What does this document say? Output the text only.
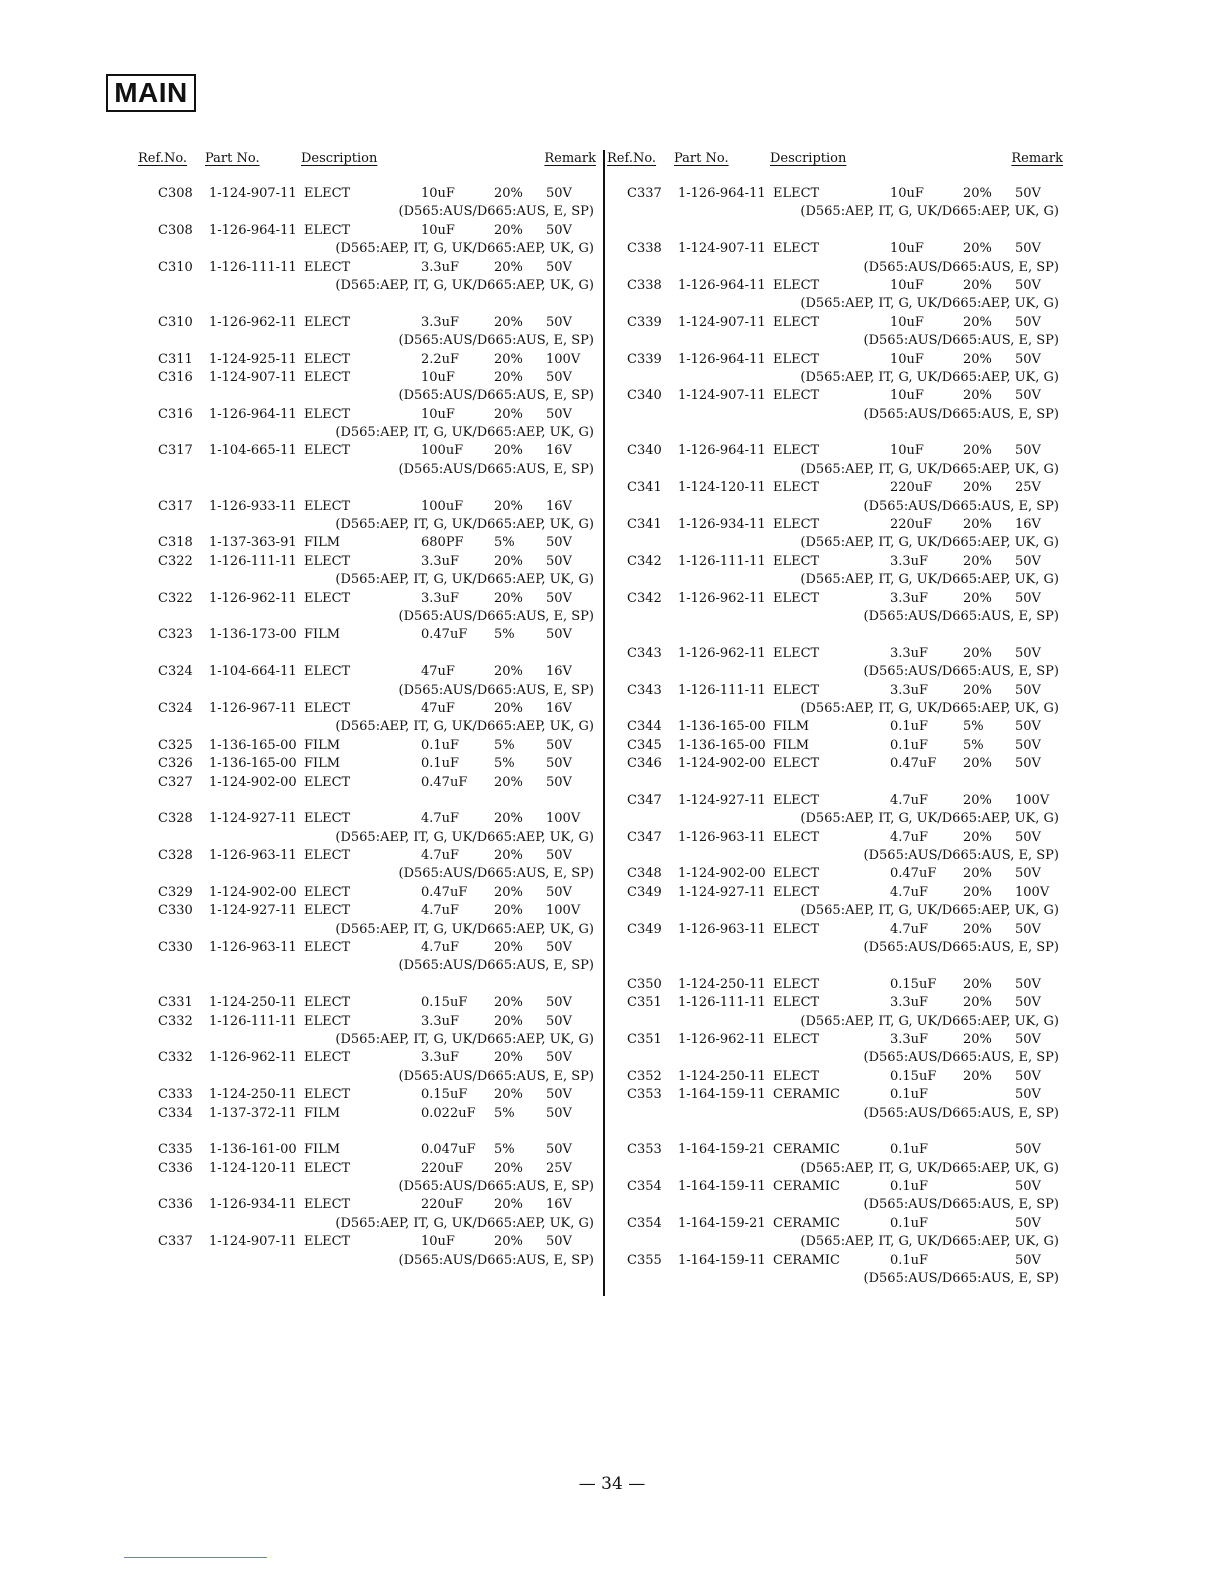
MAIN
Ref.No. Part No.	Description	Remark
C308 1-124-907-11 ELECT	10uF	20% 50V
(D565:AUS/D665:AUS, E, SP)
C308 1-126-964-11 ELECT	10uF	20% 50V
(D565:AEP, IT, G, UK/D665:AEP, UK, G)
C310 1-126-111-11 ELECT	3.3uF	20% 50V
(D565:AEP, IT, G, UK/D665:AEP, UK, G)
C310 1-126-962-11 ELECT	3.3uF	20% 50V
(D565:AUS/D665:AUS, E, SP)
C311 1-124-925-11 ELECT	2.2uF	20% 100V
C316 1-124-907-11 ELECT	10uF	20% 50V
(D565:AUS/D665:AUS, E, SP)
C316 1-126-964-11 ELECT	10uF	20% 50V
(D565:AEP, IT, G, UK/D665:AEP, UK, G)
C317 1-104-665-11 ELECT	100uF 20% 16V
(D565:AUS/D665:AUS, E, SP)
C317 1-126-933-11 ELECT	100uF 20% 16V
(D565:AEP, IT, G, UK/D665:AEP, UK, G)
C318 1-137-363-91 FILM	680PF 5% 50V
C322 1-126-111-11 ELECT	3.3uF	20% 50V
(D565:AEP, IT, G, UK/D665:AEP, UK, G)
C322 1-126-962-11 ELECT	3.3uF	20% 50V
(D565:AUS/D665:AUS, E, SP)
C323 1-136-173-00 FILM	0.47uF 5% 50V
C324 1-104-664-11 ELECT	47uF	20% 16V
(D565:AUS/D665:AUS, E, SP)
C324 1-126-967-11 ELECT	47uF	20% 16V
(D565:AEP, IT, G, UK/D665:AEP, UK, G)
C325 1-136-165-00 FILM	0.1uF	5% 50V
C326 1-136-165-00 FILM	0.1uF	5% 50V
C327 1-124-902-00 ELECT	0.47uF 20% 50V
C328 1-124-927-11 ELECT	4.7uF	20% 100V
(D565:AEP, IT, G, UK/D665:AEP, UK, G)
C328 1-126-963-11 ELECT	4.7uF	20% 50V
(D565:AUS/D665:AUS, E, SP)
C329 1-124-902-00 ELECT	0.47uF 20% 50V
C330 1-124-927-11 ELECT	4.7uF	20% 100V
(D565:AEP, IT, G, UK/D665:AEP, UK, G)
C330 1-126-963-11 ELECT	4.7uF	20% 50V
(D565:AUS/D665:AUS, E, SP)
C331 1-124-250-11 ELECT	0.15uF 20% 50V
C332 1-126-111-11 ELECT	3.3uF	20% 50V
(D565:AEP, IT, G, UK/D665:AEP, UK, G)
C332 1-126-962-11 ELECT	3.3uF	20% 50V
(D565:AUS/D665:AUS, E, SP)
C333 1-124-250-11 ELECT	0.15uF 20% 50V
C334 1-137-372-11 FILM	0.022uF 5% 50V
C335 1-136-161-00 FILM	0.047uF 5% 50V
C336 1-124-120-11 ELECT	220uF 20% 25V
(D565:AUS/D665:AUS, E, SP)
C336 1-126-934-11 ELECT	220uF 20% 16V
(D565:AEP, IT, G, UK/D665:AEP, UK, G)
C337 1-124-907-11 ELECT	10uF	20% 50V
(D565:AUS/D665:AUS, E, SP)
Ref.No. Part No.	Description	Remark
C337 1-126-964-11 ELECT	10uF	20% 50V
(D565:AEP, IT, G, UK/D665:AEP, UK, G)
C338 1-124-907-11 ELECT	10uF	20% 50V
(D565:AUS/D665:AUS, E, SP)
C338 1-126-964-11 ELECT	10uF	20% 50V
(D565:AEP, IT, G, UK/D665:AEP, UK, G)
C339 1-124-907-11 ELECT	10uF	20% 50V
(D565:AUS/D665:AUS, E, SP)
C339 1-126-964-11 ELECT	10uF	20% 50V
(D565:AEP, IT, G, UK/D665:AEP, UK, G)
C340 1-124-907-11 ELECT	10uF	20% 50V
(D565:AUS/D665:AUS, E, SP)
C340 1-126-964-11 ELECT	10uF	20% 50V
(D565:AEP, IT, G, UK/D665:AEP, UK, G)
C341 1-124-120-11 ELECT	220uF 20% 25V
(D565:AUS/D665:AUS, E, SP)
C341 1-126-934-11 ELECT	220uF 20% 16V
(D565:AEP, IT, G, UK/D665:AEP, UK, G)
C342 1-126-111-11 ELECT	3.3uF	20% 50V
(D565:AEP, IT, G, UK/D665:AEP, UK, G)
C342 1-126-962-11 ELECT	3.3uF	20% 50V
(D565:AUS/D665:AUS, E, SP)
C343 1-126-962-11 ELECT	3.3uF	20% 50V
(D565:AUS/D665:AUS, E, SP)
C343 1-126-111-11 ELECT	3.3uF	20% 50V
(D565:AEP, IT, G, UK/D665:AEP, UK, G)
C344 1-136-165-00 FILM	0.1uF	5% 50V
C345 1-136-165-00 FILM	0.1uF	5% 50V
C346 1-124-902-00 ELECT	0.47uF 20% 50V
C347 1-124-927-11 ELECT	4.7uF	20% 100V
(D565:AEP, IT, G, UK/D665:AEP, UK, G)
C347 1-126-963-11 ELECT	4.7uF	20% 50V
(D565:AUS/D665:AUS, E, SP)
C348 1-124-902-00 ELECT	0.47uF 20% 50V
C349 1-124-927-11 ELECT	4.7uF	20% 100V
(D565:AEP, IT, G, UK/D665:AEP, UK, G)
C349 1-126-963-11 ELECT	4.7uF	20% 50V
(D565:AUS/D665:AUS, E, SP)
C350 1-124-250-11 ELECT	0.15uF 20% 50V
C351 1-126-111-11 ELECT	3.3uF	20% 50V
(D565:AEP, IT, G, UK/D665:AEP, UK, G)
C351 1-126-962-11 ELECT	3.3uF	20% 50V
(D565:AUS/D665:AUS, E, SP)
C352 1-124-250-11 ELECT	0.15uF 20% 50V
C353 1-164-159-11 CERAMIC	0.1uF	50V
(D565:AUS/D665:AUS, E, SP)
C353 1-164-159-21 CERAMIC	0.1uF	50V
(D565:AEP, IT, G, UK/D665:AEP, UK, G)
C354 1-164-159-11 CERAMIC	0.1uF	50V
(D565:AUS/D665:AUS, E, SP)
C354 1-164-159-21 CERAMIC	0.1uF	50V
(D565:AEP, IT, G, UK/D665:AEP, UK, G)
C355 1-164-159-11 CERAMIC	0.1uF	50V
(D565:AUS/D665:AUS, E, SP)
— 34 —
